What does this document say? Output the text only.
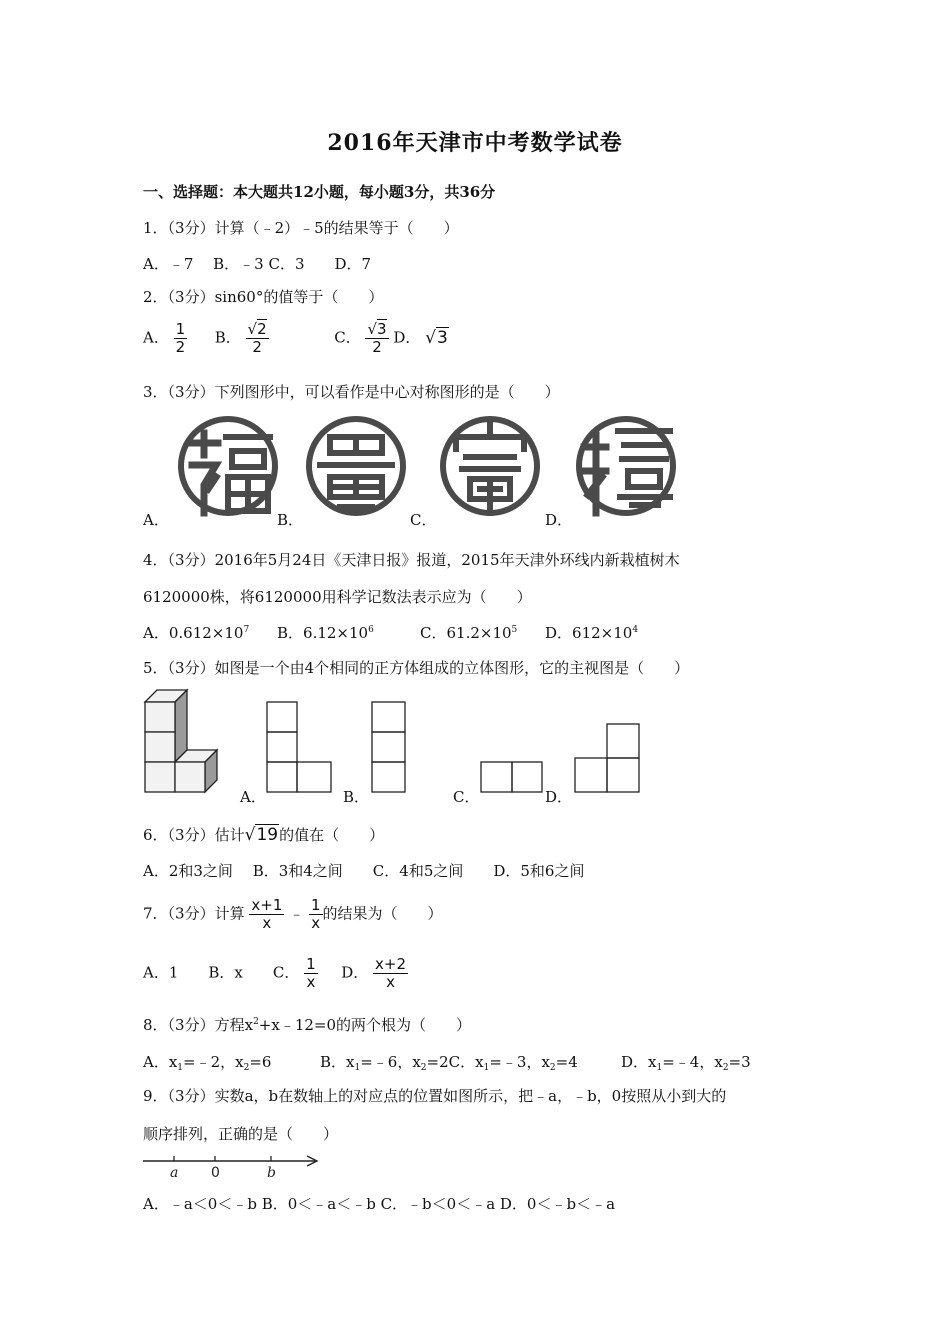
2016年天津市中考数学试卷
一、选择题：本大题共12小题，每小题3分，共36分
1．（3分）计算（﹣2）﹣5的结果等于（　　）
A．﹣7　 B．﹣3 C．3　　D．7
2．（3分）sin60°的值等于（　　）
A． $\frac{1}{2}$ B． $\frac{√2}{2}$	C． $\frac{√3}{2}$ D． √3
3．（3分）下列图形中，可以看作是中心对称图形的是（　　）
A．	B．	C．	D．
4．（3分）2016年5月24日《天津日报》报道，2015年天津外环线内新栽植树木
6120000株，将6120000用科学记数法表示应为（　　）
A．$0.612\times 10^7$ B．$6.12\times 10^6$	C．$61.2\times 10^5$ D．$612\times 10^4$
5．（3分）如图是一个由4个相同的正方体组成的立体图形，它的主视图是（　　）
A．	B．	C．	D．
6．（3分）估计√19的值在（　　）
A．2和3之间　 B．3和4之间　　C．4和5之间　　D．5和6之间
7．（3分）计算 $\frac{x+1}{x}$ ﹣ $\frac{1}{x}$ 的结果为（　　）
A．1　　B．x　　C． $\frac{1}{x}$ D． $\frac{x+2}{x}$
8．（3分）方程$x^2+x﹣12=0$的两个根为（　　）
A．$x_1=﹣2$，$x_2=6$	B．$x_1=﹣6$，$x_2=2C$．$x_1=﹣3$，$x_2=4$	D．$x_1=﹣4$，$x_2=3$
9．（3分）实数a，b在数轴上的对应点的位置如图所示，把﹣a，﹣b，0按照从小到大的
顺序排列，正确的是（　　）
a 0	b
A．﹣a＜0＜﹣b B．0＜﹣a＜﹣b C．﹣b＜0＜﹣a D．0＜﹣b＜﹣a
